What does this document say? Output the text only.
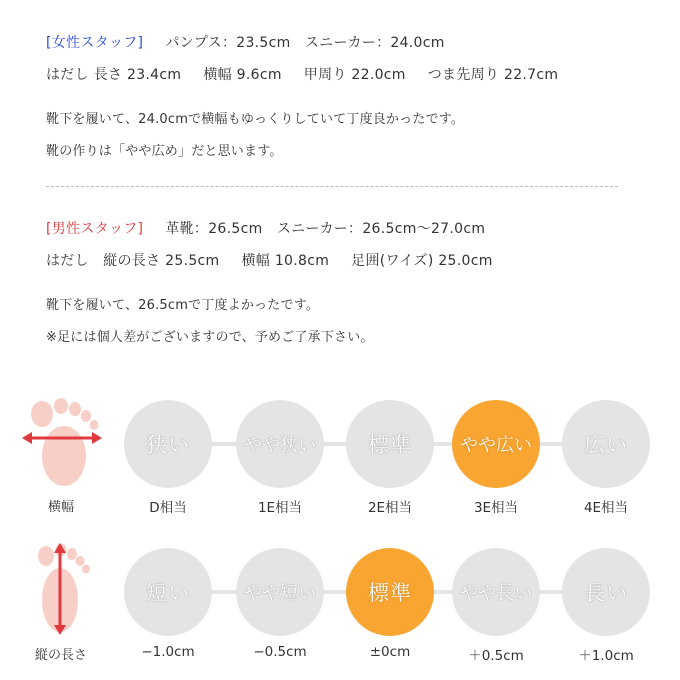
[女性スタッフ] パンプス：23.5cm　スニーカー：24.0cm
はだし 長さ 23.4cm 横幅 9.6cm 甲周り 22.0cm つま先周り 22.7cm
靴下を履いて、24.0cmで横幅もゆっくりしていて丁度良かったです。
靴の作りは「やや広め」だと思います。
[男性スタッフ] 革靴：26.5cm　スニーカー：26.5cm〜27.0cm
はだし　縦の長さ 25.5cm 横幅 10.8cm 足囲(ワイズ) 25.0cm
靴下を履いて、26.5cmで丁度よかったです。
※足には個人差がございますので、予めご了承下さい。
横幅
狭い	やや狭い	標準	やや広い	広い
D相当	1E相当	2E相当	3E相当	4E相当
縦の長さ
短い	やや短い	標準	やや長い	長い
−1.0cm	−0.5cm	±0cm	＋0.5cm	＋1.0cm
